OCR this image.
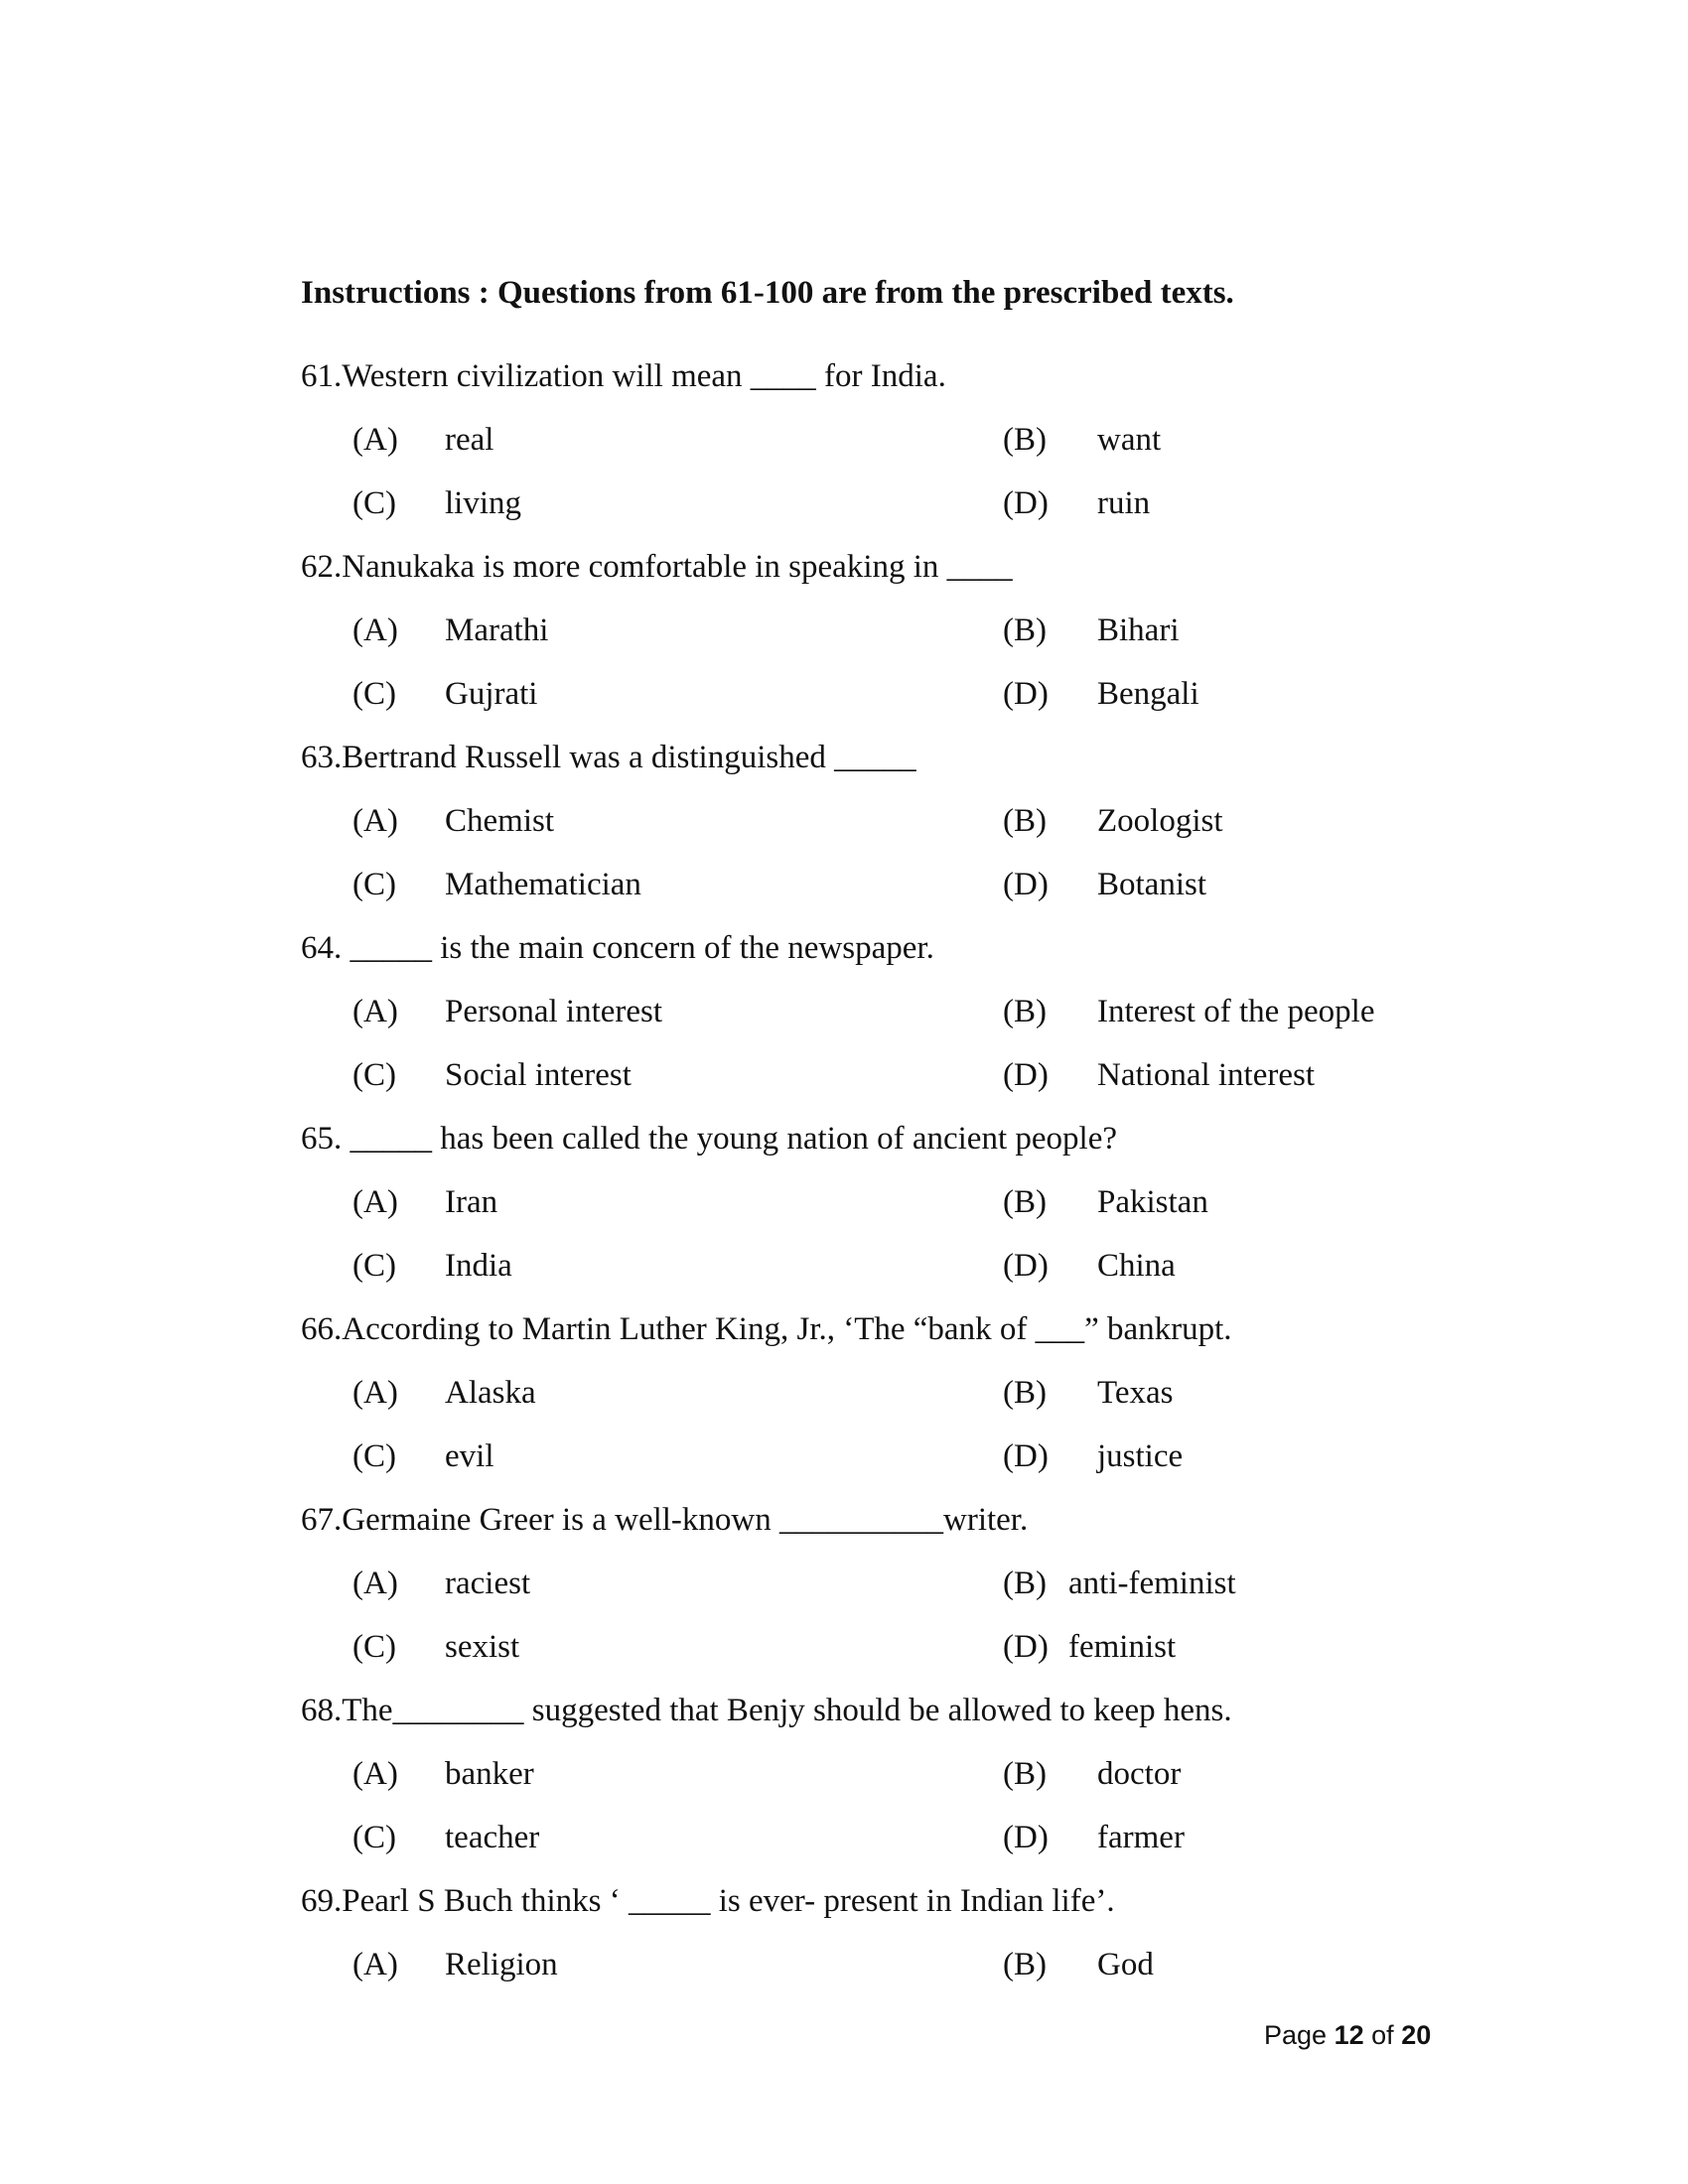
Instructions : Questions from 61-100 are from the prescribed texts.
61.Western civilization will mean ____ for India.
(A) real	(B) want
(C) living	(D) ruin
62.Nanukaka is more comfortable in speaking in ____
(A) Marathi	(B) Bihari
(C) Gujrati	(D) Bengali
63.Bertrand Russell was a distinguished _____
(A) Chemist	(B) Zoologist
(C) Mathematician	(D) Botanist
64. _____ is the main concern of the newspaper.
(A) Personal interest	(B) Interest of the people
(C) Social interest	(D) National interest
65. _____ has been called the young nation of ancient people?
(A) Iran	(B) Pakistan
(C) India	(D) China
66.According to Martin Luther King, Jr., ‘The “bank of ___” bankrupt.
(A) Alaska	(B) Texas
(C) evil	(D) justice
67.Germaine Greer is a well-known __________writer.
(A) raciest	(B) anti-feminist
(C) sexist	(D) feminist
68.The________ suggested that Benjy should be allowed to keep hens.
(A) banker	(B) doctor
(C) teacher	(D) farmer
69.Pearl S Buch thinks ‘ _____ is ever- present in Indian life’.
(A) Religion	(B) God
Page 12 of 20
